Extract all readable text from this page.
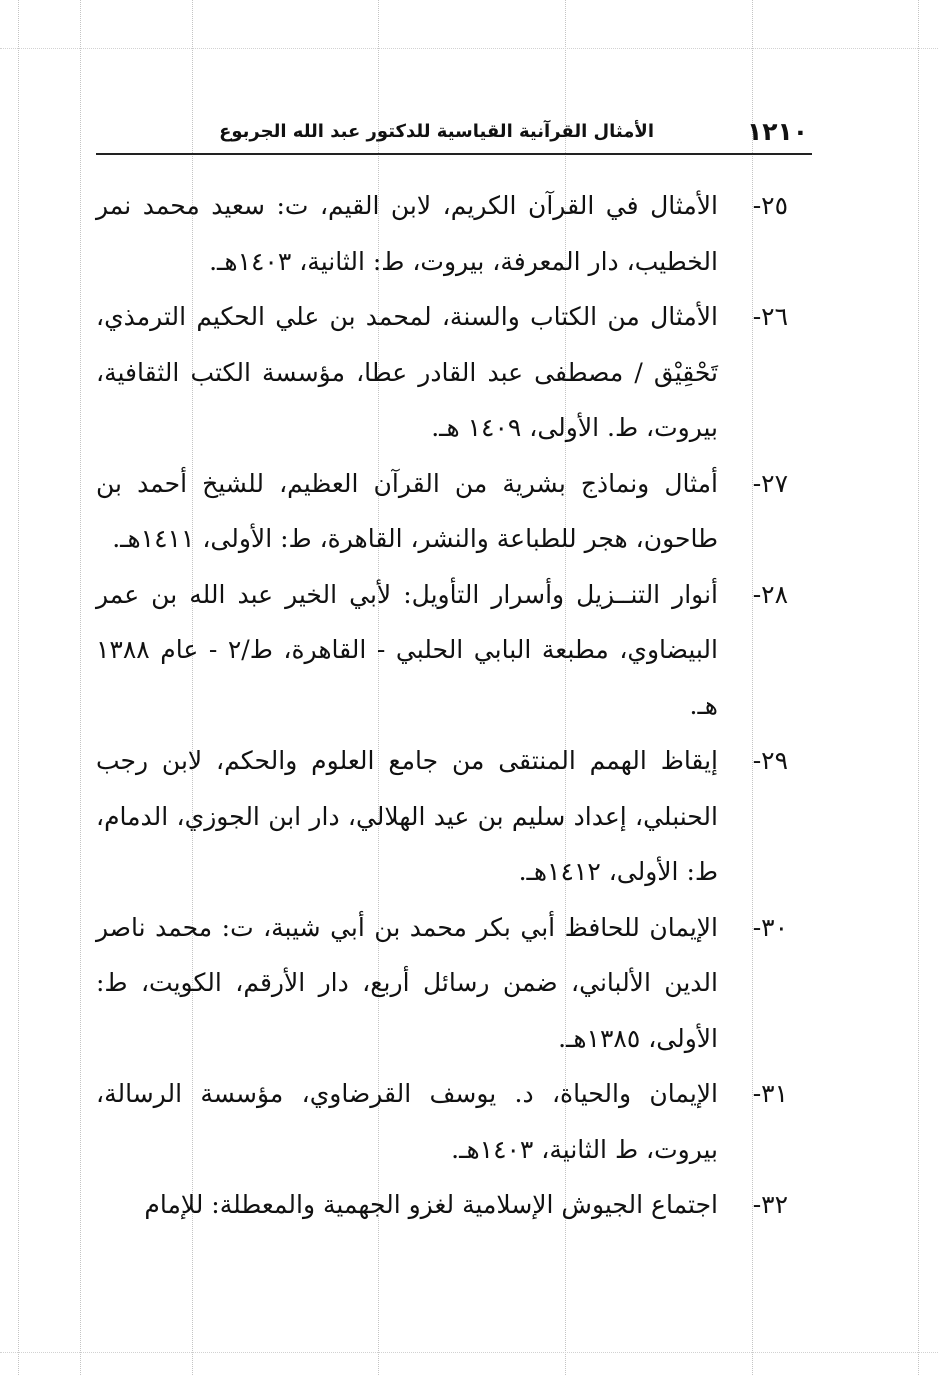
١٢١٠
الأمثال القرآنية القياسية للدكتور عبد الله الجربوع
٢٥-
الأمثال في القرآن الكريم، لابن القيم، ت: سعيد محمد نمر الخطيب، دار المعرفة، بيروت، ط: الثانية، ١٤٠٣هـ.
٢٦-
الأمثال من الكتاب والسنة، لمحمد بن علي الحكيم الترمذي، تَحْقِيْق / مصطفى عبد القادر عطا، مؤسسة الكتب الثقافية، بيروت، ط. الأولى، ١٤٠٩ هـ.
٢٧-
أمثال ونماذج بشرية من القرآن العظيم، للشيخ أحمد بن طاحون، هجر للطباعة والنشر، القاهرة، ط: الأولى، ١٤١١هـ.
٢٨-
أنوار التنــزيل وأسرار التأويل: لأبي الخير عبد الله بن عمر البيضاوي، مطبعة البابي الحلبي - القاهرة، ط/٢ - عام ١٣٨٨ هـ.
٢٩-
إيقاظ الهمم المنتقى من جامع العلوم والحكم، لابن رجب الحنبلي، إعداد سليم بن عيد الهلالي، دار ابن الجوزي، الدمام، ط: الأولى، ١٤١٢هـ.
٣٠-
الإيمان للحافظ أبي بكر محمد بن أبي شيبة، ت: محمد ناصر الدين الألباني، ضمن رسائل أربع، دار الأرقم، الكويت، ط: الأولى، ١٣٨٥هـ.
٣١-
الإيمان والحياة، د. يوسف القرضاوي، مؤسسة الرسالة، بيروت، ط الثانية، ١٤٠٣هـ.
٣٢-
اجتماع الجيوش الإسلامية لغزو الجهمية والمعطلة: للإمام
